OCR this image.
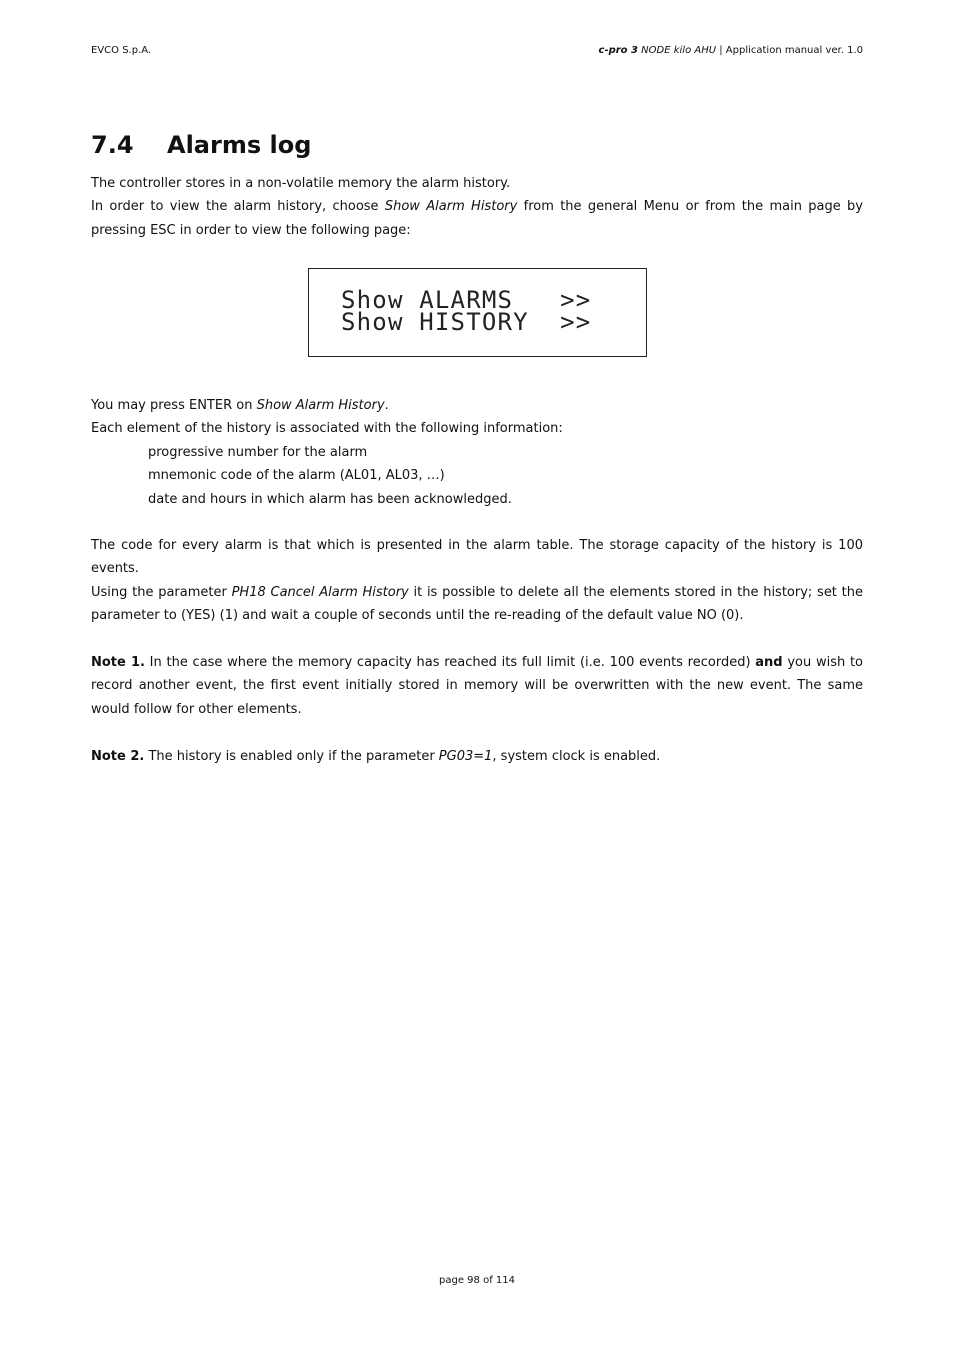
EVCO S.p.A.	c-pro 3 NODE kilo AHU | Application manual ver. 1.0
7.4	Alarms log

The controller stores in a non-volatile memory the alarm history.

In order to view the alarm history, choose Show Alarm History from the general Menu or from the main page by pressing ESC in order to view the following page:

Show ALARMS   >>
Show HISTORY  >>

You may press ENTER on Show Alarm History.

Each element of the history is associated with the following information:

progressive number for the alarm
mnemonic code of the alarm (AL01, AL03, …)
date and hours in which alarm has been acknowledged.

The code for every alarm is that which is presented in the alarm table. The storage capacity of the history is 100 events.

Using the parameter PH18 Cancel Alarm History it is possible to delete all the elements stored in the history; set the parameter to (YES) (1) and wait a couple of seconds until the re-reading of the default value NO (0).

Note 1. In the case where the memory capacity has reached its full limit (i.e. 100 events recorded) and you wish to record another event, the first event initially stored in memory will be overwritten with the new event. The same would follow for other elements.

Note 2. The history is enabled only if the parameter PG03=1, system clock is enabled.

page 98 of 114
